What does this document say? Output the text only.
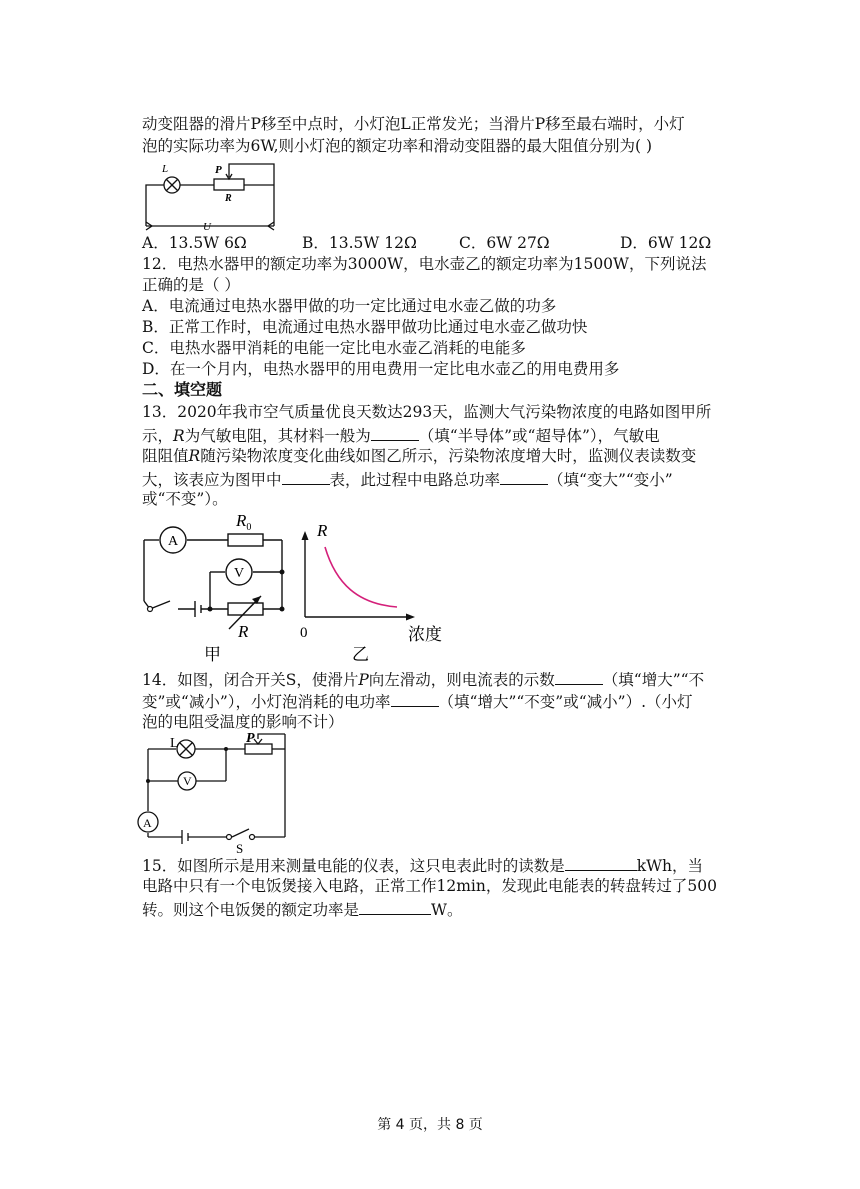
动变阻器的滑片P移至中点时，小灯泡L正常发光；当滑片P移至最右端时，小灯
泡的实际功率为6W,则小灯泡的额定功率和滑动变阻器的最大阻值分别为( )
L	P
R
U
A．13.5W 6Ω	B．13.5W 12Ω	C．6W 27Ω	D．6W 12Ω
12．电热水器甲的额定功率为3000W，电水壶乙的额定功率为1500W，下列说法
正确的是（ ）
A．电流通过电热水器甲做的功一定比通过电水壶乙做的功多
B．正常工作时，电流通过电热水器甲做功比通过电水壶乙做功快
C．电热水器甲消耗的电能一定比电水壶乙消耗的电能多
D．在一个月内，电热水器甲的用电费用一定比电水壶乙的用电费用多
二、填空题
13．2020年我市空气质量优良天数达293天，监测大气污染物浓度的电路如图甲所
示，R为气敏电阻，其材料一般为	（填“半导体”或“超导体”），气敏电
阻阻值R随污染物浓度变化曲线如图乙所示，污染物浓度增大时，监测仪表读数变
大，该表应为图甲中	表，此过程中电路总功率	（填“变大”“变小”
或“不变”）。
A
V
$R_0$
R
甲
R
0	浓度
乙
14．如图，闭合开关S，使滑片P向左滑动，则电流表的示数	（填“增大”“不
变”或“减小”），小灯泡消耗的电功率	（填“增大”“不变”或“减小”）.（小灯
泡的电阻受温度的影响不计）
L	P
V
A
S
15．如图所示是用来测量电能的仪表，这只电表此时的读数是	kWh，当
电路中只有一个电饭煲接入电路，正常工作12min，发现此电能表的转盘转过了500
转。则这个电饭煲的额定功率是	W。
第 4 页，共 8 页
